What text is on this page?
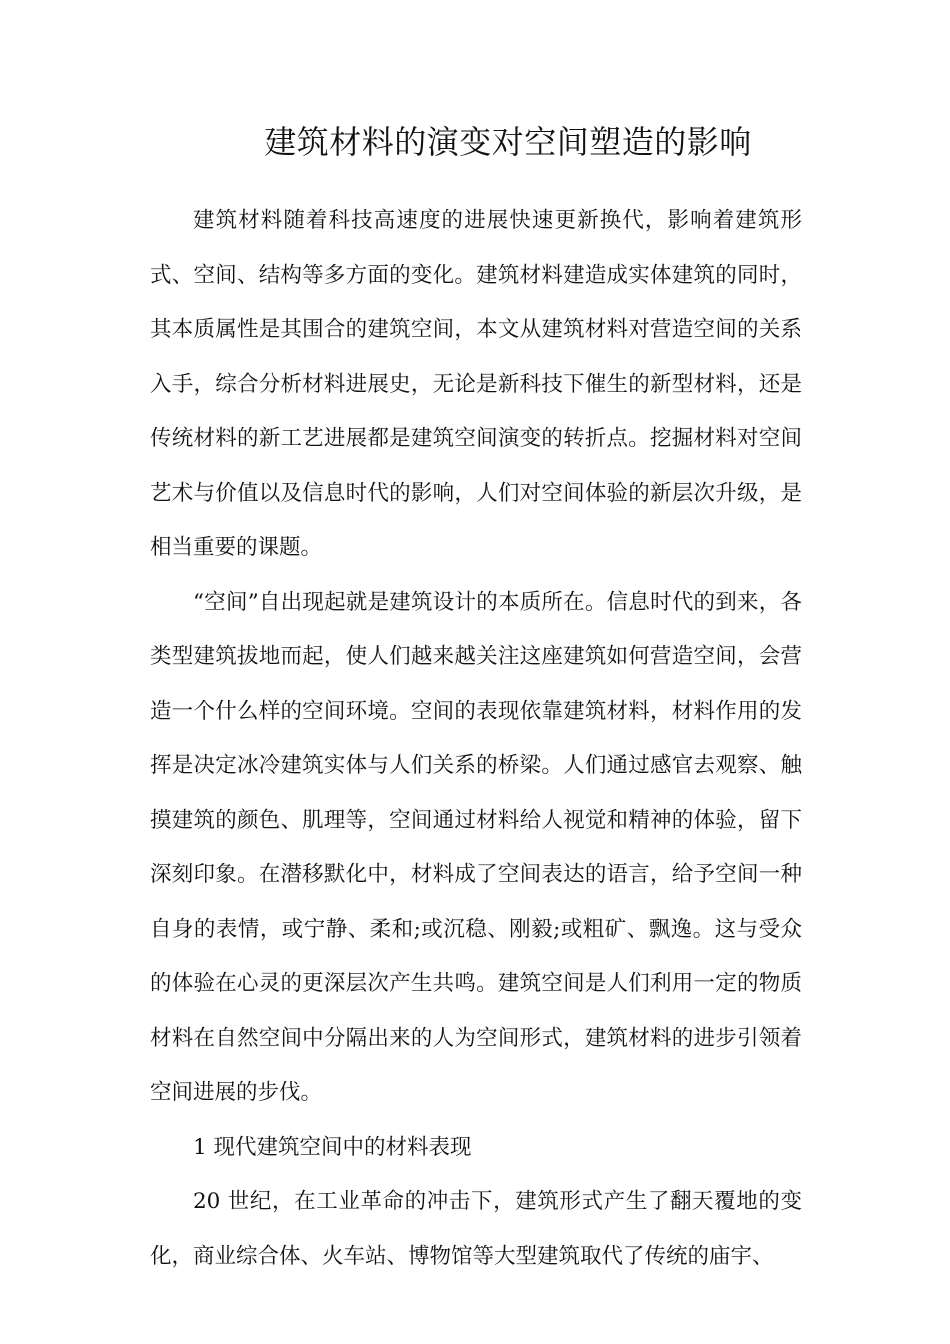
建筑材料的演变对空间塑造的影响

建筑材料随着科技高速度的进展快速更新换代，影响着建筑形式、空间、结构等多方面的变化。建筑材料建造成实体建筑的同时，其本质属性是其围合的建筑空间，本文从建筑材料对营造空间的关系入手，综合分析材料进展史，无论是新科技下催生的新型材料，还是传统材料的新工艺进展都是建筑空间演变的转折点。挖掘材料对空间艺术与价值以及信息时代的影响，人们对空间体验的新层次升级，是相当重要的课题。

“空间”自出现起就是建筑设计的本质所在。信息时代的到来，各类型建筑拔地而起，使人们越来越关注这座建筑如何营造空间，会营造一个什么样的空间环境。空间的表现依靠建筑材料，材料作用的发挥是决定冰冷建筑实体与人们关系的桥梁。人们通过感官去观察、触摸建筑的颜色、肌理等，空间通过材料给人视觉和精神的体验，留下深刻印象。在潜移默化中，材料成了空间表达的语言，给予空间一种自身的表情，或宁静、柔和;或沉稳、刚毅;或粗矿、飘逸。这与受众的体验在心灵的更深层次产生共鸣。建筑空间是人们利用一定的物质材料在自然空间中分隔出来的人为空间形式，建筑材料的进步引领着空间进展的步伐。

1 现代建筑空间中的材料表现

20 世纪，在工业革命的冲击下，建筑形式产生了翻天覆地的变化，商业综合体、火车站、博物馆等大型建筑取代了传统的庙宇、
